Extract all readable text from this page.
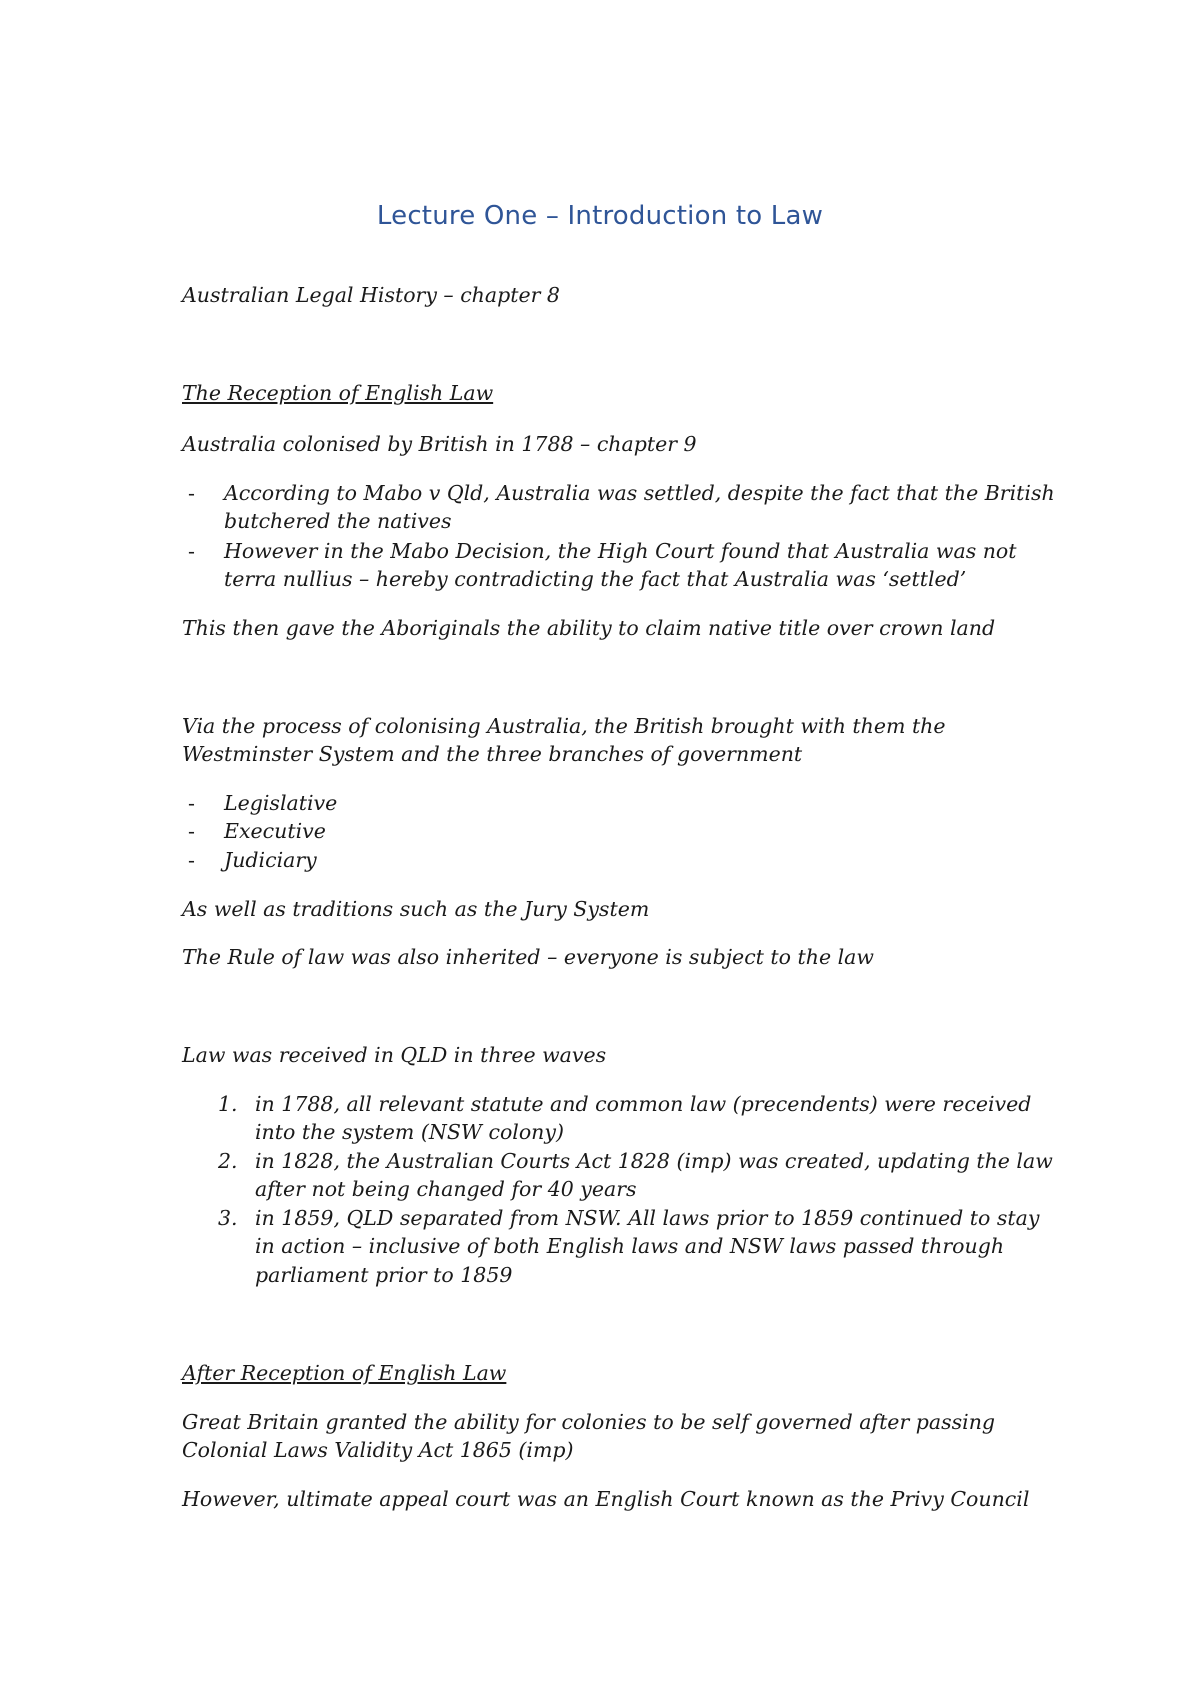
Lecture One – Introduction to Law
Australian Legal History – chapter 8
The Reception of English Law
Australia colonised by British in 1788 – chapter 9
- According to Mabo v Qld, Australia was settled, despite the fact that the British
butchered the natives
- However in the Mabo Decision, the High Court found that Australia was not
terra nullius – hereby contradicting the fact that Australia was ‘settled’
This then gave the Aboriginals the ability to claim native title over crown land
Via the process of colonising Australia, the British brought with them the
Westminster System and the three branches of government
- Legislative
- Executive
- Judiciary
As well as traditions such as the Jury System
The Rule of law was also inherited – everyone is subject to the law
Law was received in QLD in three waves
1. in 1788, all relevant statute and common law (precendents) were received
into the system (NSW colony)
2. in 1828, the Australian Courts Act 1828 (imp) was created, updating the law
after not being changed for 40 years
3. in 1859, QLD separated from NSW. All laws prior to 1859 continued to stay
in action – inclusive of both English laws and NSW laws passed through
parliament prior to 1859
After Reception of English Law
Great Britain granted the ability for colonies to be self governed after passing
Colonial Laws Validity Act 1865 (imp)
However, ultimate appeal court was an English Court known as the Privy Council
